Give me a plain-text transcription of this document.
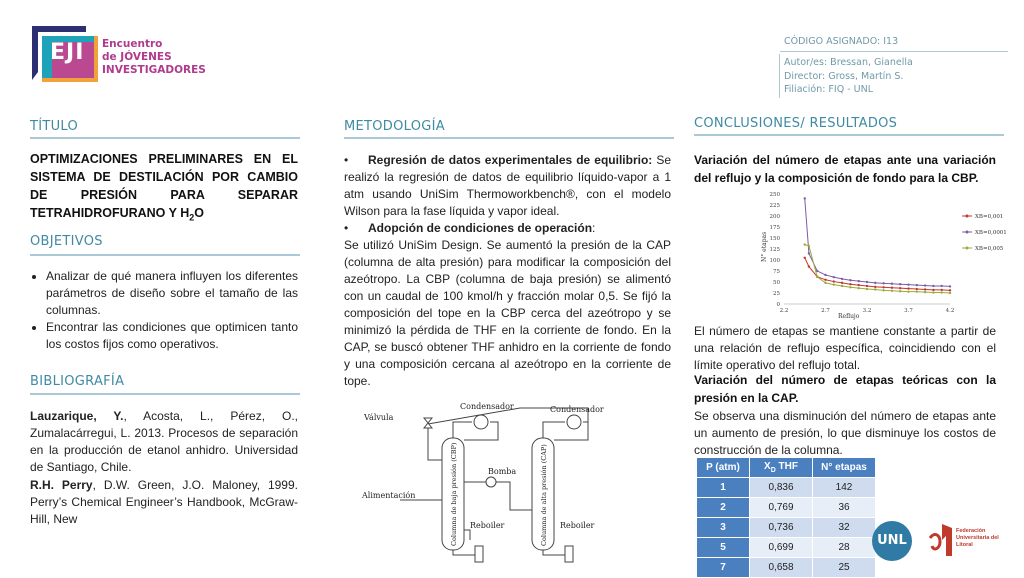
EJI Encuentro
de JÓVENES
INVESTIGADORES
CÓDIGO ASIGNADO: I13
Autor/es: Bressan, Gianella
Director: Gross, Martín S.
Filiación: FIQ - UNL
TÍTULO
OPTIMIZACIONES PRELIMINARES EN EL SISTEMA DE DESTILACIÓN POR CAMBIO DE PRESIÓN PARA SEPARAR TETRAHIDROFURANO Y $H_2O$
OBJETIVOS
• Analizar de qué manera influyen los diferentes parámetros de diseño sobre el tamaño de las columnas.
• Encontrar las condiciones que optimicen tanto los costos fijos como operativos.
BIBLIOGRAFÍA
Lauzarique, Y., Acosta, L., Pérez, O., Zumalacárregui, L. 2013. Procesos de separación en la producción de etanol anhidro. Universidad de Santiago, Chile.
R.H. Perry, D.W. Green, J.O. Maloney, 1999. Perry’s Chemical Engineer’s Handbook, McGraw-Hill, New
METODOLOGÍA
• Regresión de datos experimentales de equilibrio: Se realizó la regresión de datos de equilibrio líquido-vapor a 1 atm usando UniSim Thermoworkbench®, con el modelo Wilson para la fase líquida y vapor ideal.
• Adopción de condiciones de operación:
Se utilizó UniSim Design. Se aumentó la presión de la CAP (columna de alta presión) para modificar la composición del azeótropo. La CBP (columna de baja presión) se alimentó con un caudal de 100 kmol/h y fracción molar 0,5. Se fijó la composición del tope en la CBP cerca del azeótropo y se minimizó la pérdida de THF en la corriente de fondo. En la CAP, se buscó obtener THF anhidro en la corriente de fondo y una composición cercana al azeótropo en la corriente de tope.
Válvula
Condensador	Condensador
Bomba
Alimentación
Reboiler	Reboiler
Columna de baja presión (CBP)	Columna de alta presión (CAP)
CONCLUSIONES/ RESULTADOS
Variación del número de etapas ante una variación del reflujo y la composición de fondo para la CBP.
0
25
50
75
100
125
150
175
200
225
250
2.2	2.7	3.2	3.7	4.2
XB=0,001
XB=0,0001
XB=0,005
Reflujo
N° etapas
El número de etapas se mantiene constante a partir de una relación de reflujo específica, coincidiendo con el límite operativo del reflujo total.
Variación del número de etapas teóricas con la presión en la CAP.
Se observa una disminución del número de etapas ante un aumento de presión, lo que disminuye los costos de construcción de la columna.
P (atm)	$X_D$ THF	N° etapas
1	0,836	142
2	0,769	36
3	0,736	32
5	0,699	28
7	0,658	25
UNL
Federación Universitaria del Litoral
